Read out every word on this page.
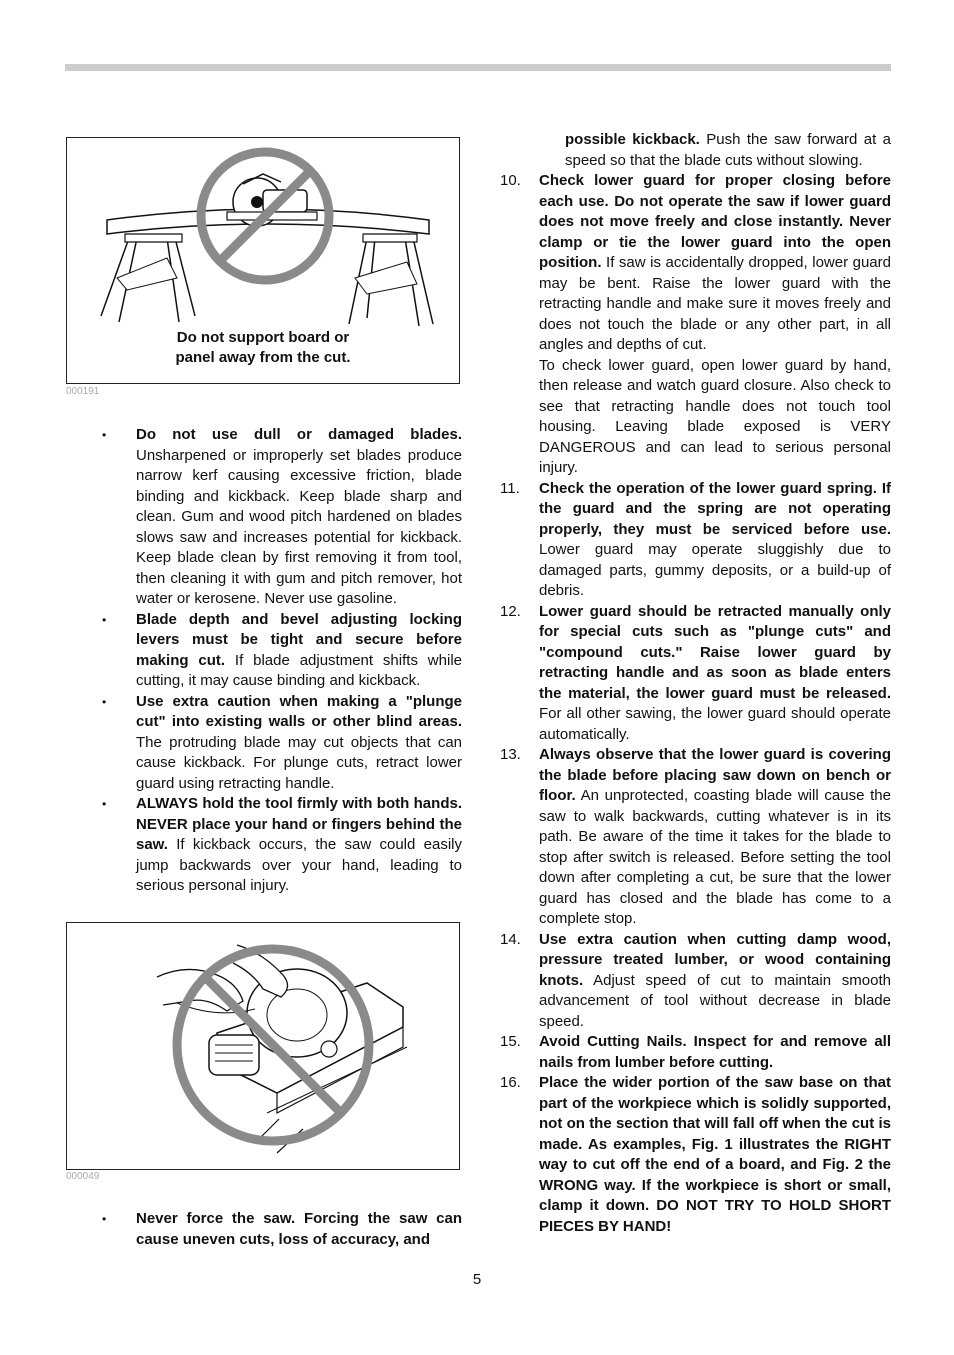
Do not support board or
panel away from the cut.
000191
• Do not use dull or damaged blades. Unsharpened or improperly set blades produce narrow kerf causing excessive friction, blade binding and kickback. Keep blade sharp and clean. Gum and wood pitch hardened on blades slows saw and increases potential for kickback. Keep blade clean by first removing it from tool, then cleaning it with gum and pitch remover, hot water or kerosene. Never use gasoline.
• Blade depth and bevel adjusting locking levers must be tight and secure before making cut. If blade adjustment shifts while cutting, it may cause binding and kickback.
• Use extra caution when making a "plunge cut" into existing walls or other blind areas. The protruding blade may cut objects that can cause kickback. For plunge cuts, retract lower guard using retracting handle.
• ALWAYS hold the tool firmly with both hands. NEVER place your hand or fingers behind the saw. If kickback occurs, the saw could easily jump backwards over your hand, leading to serious personal injury.
000049
• Never force the saw. Forcing the saw can cause uneven cuts, loss of accuracy, and
possible kickback. Push the saw forward at a speed so that the blade cuts without slowing.
10. Check lower guard for proper closing before each use. Do not operate the saw if lower guard does not move freely and close instantly. Never clamp or tie the lower guard into the open position. If saw is accidentally dropped, lower guard may be bent. Raise the lower guard with the retracting handle and make sure it moves freely and does not touch the blade or any other part, in all angles and depths of cut.
To check lower guard, open lower guard by hand, then release and watch guard closure. Also check to see that retracting handle does not touch tool housing. Leaving blade exposed is VERY DANGEROUS and can lead to serious personal injury.
11. Check the operation of the lower guard spring. If the guard and the spring are not operating properly, they must be serviced before use. Lower guard may operate sluggishly due to damaged parts, gummy deposits, or a build-up of debris.
12. Lower guard should be retracted manually only for special cuts such as "plunge cuts" and "compound cuts." Raise lower guard by retracting handle and as soon as blade enters the material, the lower guard must be released. For all other sawing, the lower guard should operate automatically.
13. Always observe that the lower guard is covering the blade before placing saw down on bench or floor. An unprotected, coasting blade will cause the saw to walk backwards, cutting whatever is in its path. Be aware of the time it takes for the blade to stop after switch is released. Before setting the tool down after completing a cut, be sure that the lower guard has closed and the blade has come to a complete stop.
14. Use extra caution when cutting damp wood, pressure treated lumber, or wood containing knots. Adjust speed of cut to maintain smooth advancement of tool without decrease in blade speed.
15. Avoid Cutting Nails. Inspect for and remove all nails from lumber before cutting.
16. Place the wider portion of the saw base on that part of the workpiece which is solidly supported, not on the section that will fall off when the cut is made. As examples, Fig. 1 illustrates the RIGHT way to cut off the end of a board, and Fig. 2 the WRONG way. If the workpiece is short or small, clamp it down. DO NOT TRY TO HOLD SHORT PIECES BY HAND!
5
